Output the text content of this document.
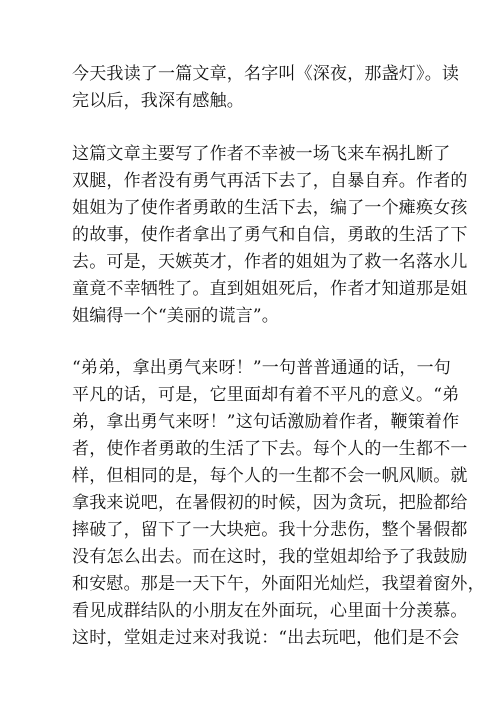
今天我读了一篇文章，名字叫《深夜，那盏灯》。读
完以后，我深有感触。
这篇文章主要写了作者不幸被一场飞来车祸扎断了
双腿，作者没有勇气再活下去了，自暴自弃。作者的
姐姐为了使作者勇敢的生活下去，编了一个瘫痪女孩
的故事，使作者拿出了勇气和自信，勇敢的生活了下
去。可是，天嫉英才，作者的姐姐为了救一名落水儿
童竟不幸牺牲了。直到姐姐死后，作者才知道那是姐
姐编得一个“美丽的谎言”。
“弟弟，拿出勇气来呀！”一句普普通通的话，一句
平凡的话，可是，它里面却有着不平凡的意义。“弟
弟，拿出勇气来呀！”这句话激励着作者，鞭策着作
者，使作者勇敢的生活了下去。每个人的一生都不一
样，但相同的是，每个人的一生都不会一帆风顺。就
拿我来说吧，在暑假初的时候，因为贪玩，把脸都给
摔破了，留下了一大块疤。我十分悲伤，整个暑假都
没有怎么出去。而在这时，我的堂姐却给予了我鼓励
和安慰。那是一天下午，外面阳光灿烂，我望着窗外，
看见成群结队的小朋友在外面玩，心里面十分羡慕。
这时，堂姐走过来对我说：“出去玩吧，他们是不会
